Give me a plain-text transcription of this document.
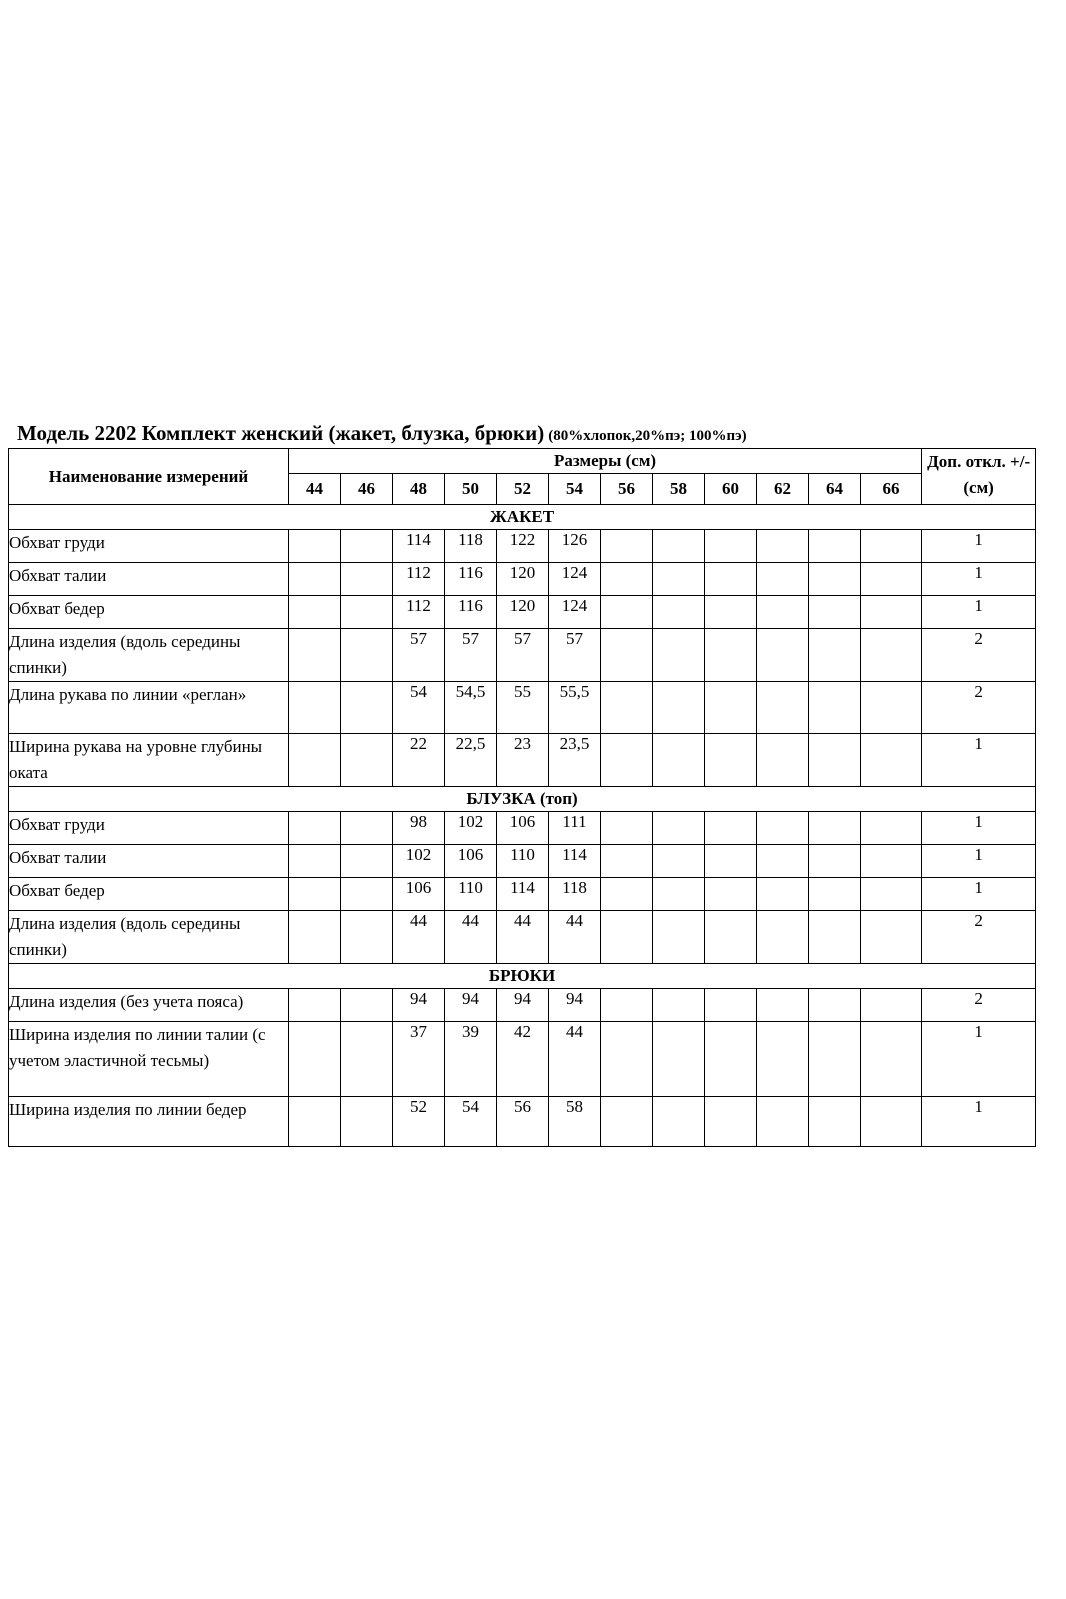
Модель 2202 Комплект женский (жакет, блузка, брюки) (80%хлопок,20%пэ; 100%пэ)
Наименование измерений	Размеры (см)												Доп. откл. +/- (см)
	44	46	48	50	52	54	56	58	60	62	64	66	
ЖАКЕТ													
Обхват груди			114	118	122	126							1
Обхват талии			112	116	120	124							1
Обхват бедер			112	116	120	124							1
Длина изделия (вдоль середины спинки)			57	57	57	57							2
Длина рукава по линии «реглан»			54	54,5	55	55,5							2
Ширина рукава на уровне глубины оката			22	22,5	23	23,5							1
БЛУЗКА (топ)													
Обхват груди			98	102	106	111							1
Обхват талии			102	106	110	114							1
Обхват бедер			106	110	114	118							1
Длина изделия (вдоль середины спинки)			44	44	44	44							2
БРЮКИ													
Длина изделия (без учета пояса)			94	94	94	94							2
Ширина изделия по линии талии (с учетом эластичной тесьмы)			37	39	42	44							1
Ширина изделия по линии бедер			52	54	56	58							1
